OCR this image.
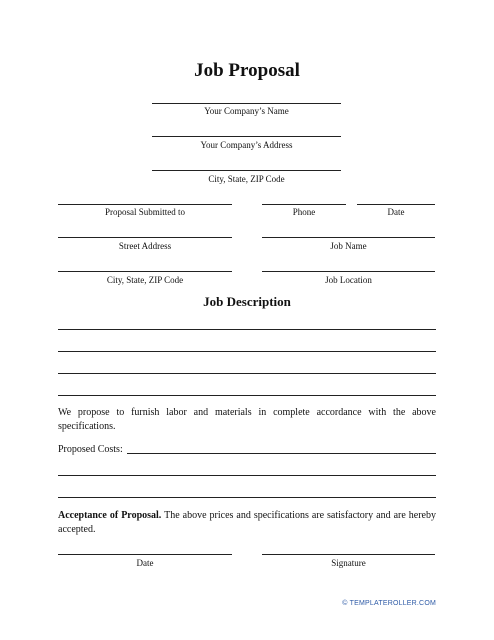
Job Proposal
Your Company’s Name
Your Company’s Address
City, State, ZIP Code
Proposal Submitted to	Phone	Date
Street Address	Job Name
City, State, ZIP Code	Job Location
Job Description
We propose to furnish labor and materials in complete accordance with the above specifications.
Proposed Costs:
Acceptance of Proposal. The above prices and specifications are satisfactory and are hereby accepted.
Date	Signature
© TEMPLATEROLLER.COM
